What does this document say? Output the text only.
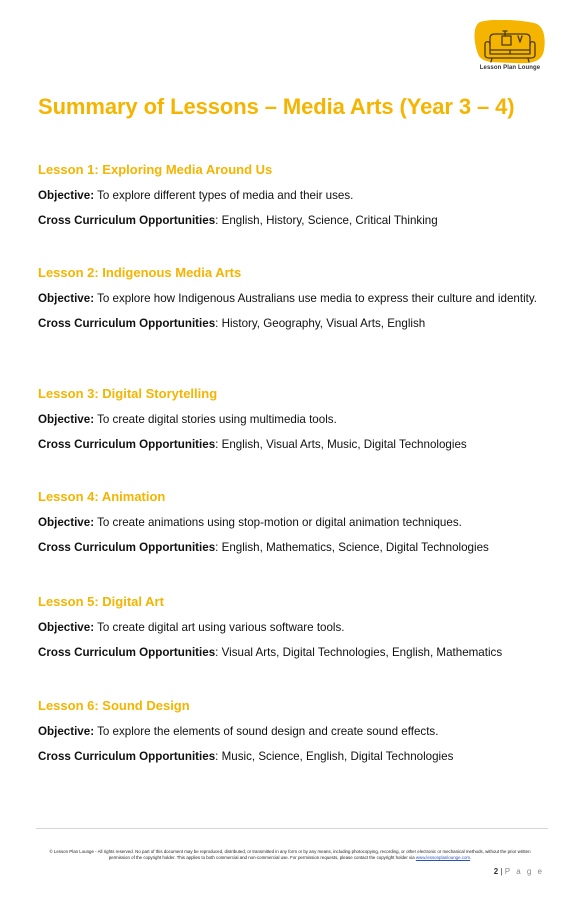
Lesson Plan Lounge
Summary of Lessons – Media Arts (Year 3 – 4)

Lesson 1: Exploring Media Around Us

Objective: To explore different types of media and their uses.

Cross Curriculum Opportunities: English, History, Science, Critical Thinking

Lesson 2: Indigenous Media Arts

Objective: To explore how Indigenous Australians use media to express their culture and identity.

Cross Curriculum Opportunities: History, Geography, Visual Arts, English

Lesson 3: Digital Storytelling

Objective: To create digital stories using multimedia tools.

Cross Curriculum Opportunities: English, Visual Arts, Music, Digital Technologies

Lesson 4: Animation

Objective: To create animations using stop-motion or digital animation techniques.

Cross Curriculum Opportunities: English, Mathematics, Science, Digital Technologies

Lesson 5: Digital Art

Objective: To create digital art using various software tools.

Cross Curriculum Opportunities: Visual Arts, Digital Technologies, English, Mathematics

Lesson 6: Sound Design

Objective: To explore the elements of sound design and create sound effects.

Cross Curriculum Opportunities: Music, Science, English, Digital Technologies

© Lesson Plan Lounge - All rights reserved. No part of this document may be reproduced, distributed, or transmitted in any form or by any means, including photocopying, recording, or other electronic or mechanical methods, without the prior written permission of the copyright holder. This applies to both commercial and non-commercial use. For permission requests, please contact the copyright holder via www.lessonplanlounge.com.
2 | P a g e
